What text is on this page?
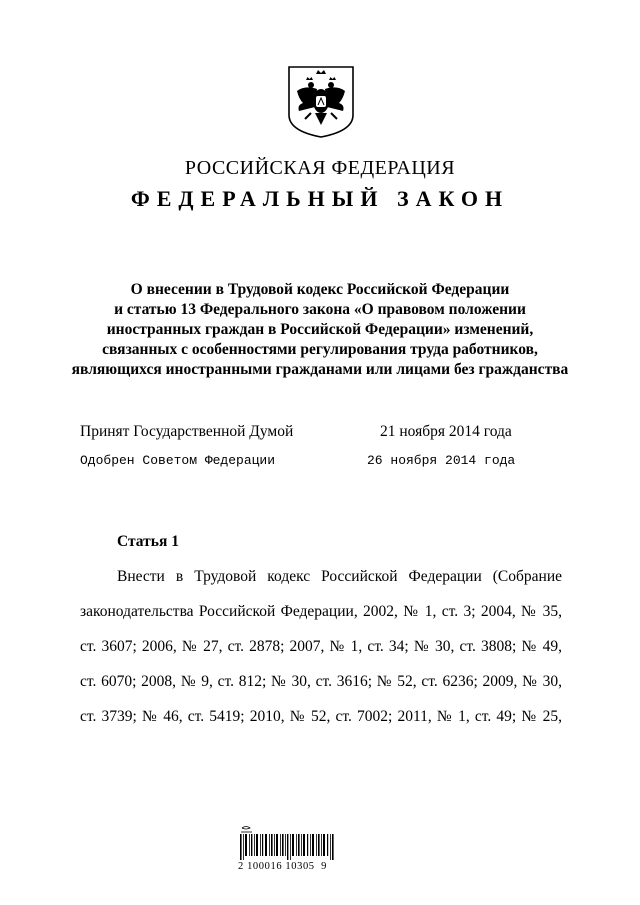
РОССИЙСКАЯ ФЕДЕРАЦИЯ
ФЕДЕРАЛЬНЫЙ ЗАКОН
О внесении в Трудовой кодекс Российской Федерации
и статью 13 Федерального закона «О правовом положении
иностранных граждан в Российской Федерации» изменений,
связанных с особенностями регулирования труда работников,
являющихся иностранными гражданами или лицами без гражданства
Принят Государственной Думой	21 ноября 2014 года
Одобрен Советом Федерации	26 ноября 2014 года
Статья 1
Внести в Трудовой кодекс Российской Федерации (Собрание
законодательства Российской Федерации, 2002, № 1, ст. 3; 2004, № 35,
ст. 3607; 2006, № 27, ст. 2878; 2007, № 1, ст. 34; № 30, ст. 3808; № 49,
ст. 6070; 2008, № 9, ст. 812; № 30, ст. 3616; № 52, ст. 6236; 2009, № 30,
ст. 3739; № 46, ст. 5419; 2010, № 52, ст. 7002; 2011, № 1, ст. 49; № 25,
2 100016 10305  9
